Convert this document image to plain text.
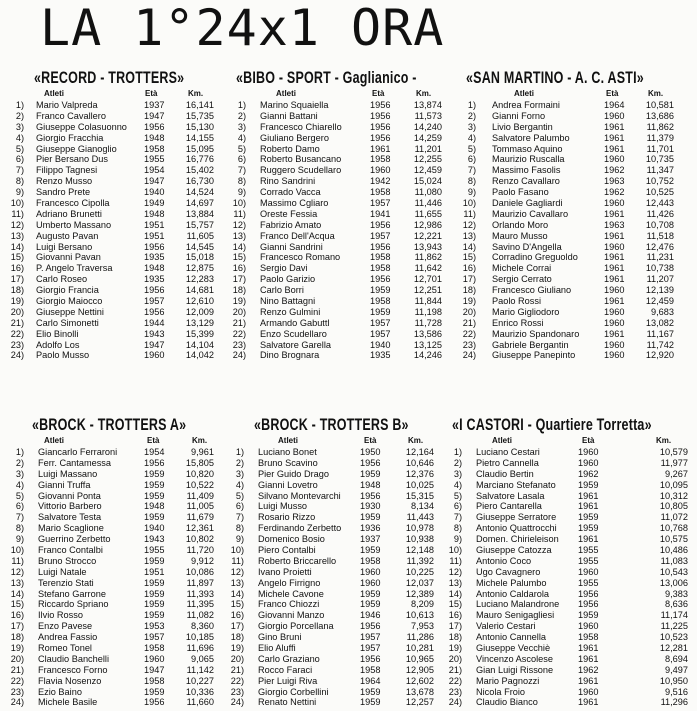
LA 1°24x1 ORA
«RECORD - TROTTERS»
Atleti	Età	Km.
1) Mario Valpreda	1937	16,141
2) Franco Cavallero	1947	15,735
3) Giuseppe Colasuonno 1956	15,130
4) Giorgio Fracchia	1948	14,155
5) Giuseppe Gianoglio	1958	15,095
6) Pier Bersano Dus	1955	16,776
7) Filippo Tagnesi	1954	15,402
8) Renzo Musso	1947	16,730
9) Sandro Prete	1940	14,524
10) Francesco Cipolla	1949	14,697
11) Adriano Brunetti	1948	13,884
12) Umberto Massano	1951	15,757
13) Augusto Pavan	1951	11,605
14) Luigi Bersano	1956	14,545
15) Giovanni Pavan	1935	15,018
16) P. Angelo Traversa	1948	12,875
17) Carlo Roseo	1935	12,283
18) Giorgio Francia	1956	14,681
19) Giorgio Maiocco	1957	12,610
20) Giuseppe Nettini	1956	12,009
21) Carlo Simonetti	1944	13,129
22) Elio Binolli	1943	15,399
23) Adolfo Los	1947	14,104
24) Paolo Musso	1960	14,042
«BIBO - SPORT - Gaglianico -
Atleti	Età	Km.
1) Marino Squaiella	1956	13,874
2) Gianni Battani	1956	11,573
3) Francesco Chiarello	1956	14,240
4) Giuliano Bergero	1956	14,259
5) Roberto Damo	1961	11,201
6) Roberto Busancano	1958	12,255
7) Ruggero Scudellaro	1960	12,459
8) Rino Sandrini	1942	15,024
9) Corrado Vacca	1958	11,080
10) Massimo Cgliaro	1957	11,446
11) Oreste Fessia	1941	11,655
12) Fabrizio Amato	1956	12,986
13) Franco Dell'Acqua	1957	12,221
14) Gianni Sandrini	1956	13,943
15) Francesco Romano	1958	11,862
16) Sergio Davi	1958	11,642
17) Paolo Garizio	1956	12,701
18) Carlo Borri	1959	12,251
19) Nino Battagni	1958	11,844
20) Renzo Gulmini	1959	11,198
21) Armando Gabuttl	1957	11,728
22) Enzo Scudellaro	1957	13,586
23) Salvatore Garella	1940	13,125
24) Dino Brognara	1935	14,246
«SAN MARTINO - A. C. ASTI»
Atleti	Età	Km.
1) Andrea Formaini	1964	10,581
2) Gianni Forno	1960	13,686
3) Livio Bergantin	1961	11,862
4) Salvatore Palumbo	1961	11,379
5) Tommaso Aquino	1961	11,701
6) Maurizio Ruscalla	1960	10,735
7) Massimo Fasolis	1962	11,347
8) Renzo Cavallaro	1963	10,752
9) Paolo Fasano	1962	10,525
10) Daniele Gagliardi	1960	12,443
11) Maurizio Cavallaro	1961	11,426
12) Orlando Moro	1963	10,708
13) Mauro Musso	1961	11,518
14) Savino D'Angella	1960	12,476
15) Corradino Greguoldo	1961	11,231
16) Michele Corrai	1961	10,738
17) Sergio Cerrato	1961	11,207
18) Francesco Giuliano	1960	12,139
19) Paolo Rossi	1961	12,459
20) Mario Gigliodoro	1960	9,683
21) Enrico Rossi	1960	13,082
22) Maurizio Spandonaro	1961	11,167
23) Gabriele Bergantin	1960	11,742
24) Giuseppe Panepinto	1960	12,920
«BROCK - TROTTERS A»
Atleti	Età	Km.
1) Giancarlo Ferraroni	1954	9,961
2) Ferr. Cantamessa	1956	15,805
3) Luigi Massano	1959	10,820
4) Gianni Truffa	1959	10,522
5) Giovanni Ponta	1959	11,409
6) Vittorio Barbero	1948	11,005
7) Salvatore Testa	1959	11,679
8) Mario Scaglione	1940	12,361
9) Guerrino Zerbetto	1943	10,802
10) Franco Contalbi	1955	11,720
11) Bruno Strocco	1959	9,912
12) Luigi Natale	1951	10,086
13) Terenzio Stati	1959	11,897
14) Stefano Garrone	1959	11,393
15) Riccardo Spriano	1959	11,395
16) Ilvio Rosso	1959	11,082
17) Enzo Pavese	1953	8,360
18) Andrea Fassio	1957	10,185
19) Romeo Tonel	1958	11,696
20) Claudio Banchelli	1960	9,065
21) Francesco Forno	1947	11,142
22) Flavia Nosenzo	1958	10,227
23) Ezio Baino	1959	10,336
24) Michele Basile	1956	11,660
«BROCK - TROTTERS B»
Atleti	Età	Km.
1) Luciano Bonet	1950	12,164
2) Bruno Scavino	1956	10,646
3) Pier Guido Drago	1959	12,376
4) Gianni Lovetro	1948	10,025
5) Silvano Montevarchi 1956	15,315
6) Luigi Musso	1930	8,134
7) Rosario Rizzo	1959	11,443
8) Ferdinando Zerbetto 1936	10,978
9) Domenico Bosio	1937	10,938
10) Piero Contalbi	1959	12,148
11) Roberto Briccarello	1958	11,392
12) Ivano Proietti	1960	10,225
13) Angelo Firrigno	1960	12,037
14) Michele Cavone	1959	12,389
15) Franco Chiozzi	1959	8,209
16) Giovanni Manzo	1946	10,613
17) Giorgio Porcellana	1956	7,953
18) Gino Bruni	1957	11,286
19) Elio Aluffi	1957	10,281
20) Carlo Graziano	1956	10,965
21) Rocco Faraci	1958	12,905
22) Pier Luigi Riva	1964	12,602
23) Giorgio Corbellini	1959	13,678
24) Renato Nettini	1959	12,257
«I CASTORI - Quartiere Torretta»
Atleti	Età	Km.
1) Luciano Cestari	1960	10,579
2) Pietro Cannella	1960	11,977
3) Claudio Bertin	1962	9,267
4) Marciano Stefanato 1959	10,095
5) Salvatore Lasala	1961	10,312
6) Piero Cantarella	1961	10,805
7) Giuseppe Serratore 1959	11,072
8) Antonio Quattrocchi 1959	10,768
9) Domen. Chirieleison 1961	10,575
10) Giuseppe Catozza	1955	10,486
11) Antonio Coco	1955	11,083
12) Ugo Cavagnero	1960	10,543
13) Michele Palumbo	1955	13,006
14) Antonio Caldarola	1956	9,383
15) Luciano Malandrone 1956	8,636
16) Mauro Senigagliesi	1959	11,174
17) Valerio Cestari	1960	11,225
18) Antonio Cannella	1958	10,523
19) Giuseppe Vecchiè	1961	12,281
20) Vincenzo Ascolese	1961	8,694
21) Gian Luigi Rissone	1962	9,497
22) Mario Pagnozzi	1961	10,950
23) Nicola Froio	1960	9,516
24) Claudio Bianco	1961	11,296
